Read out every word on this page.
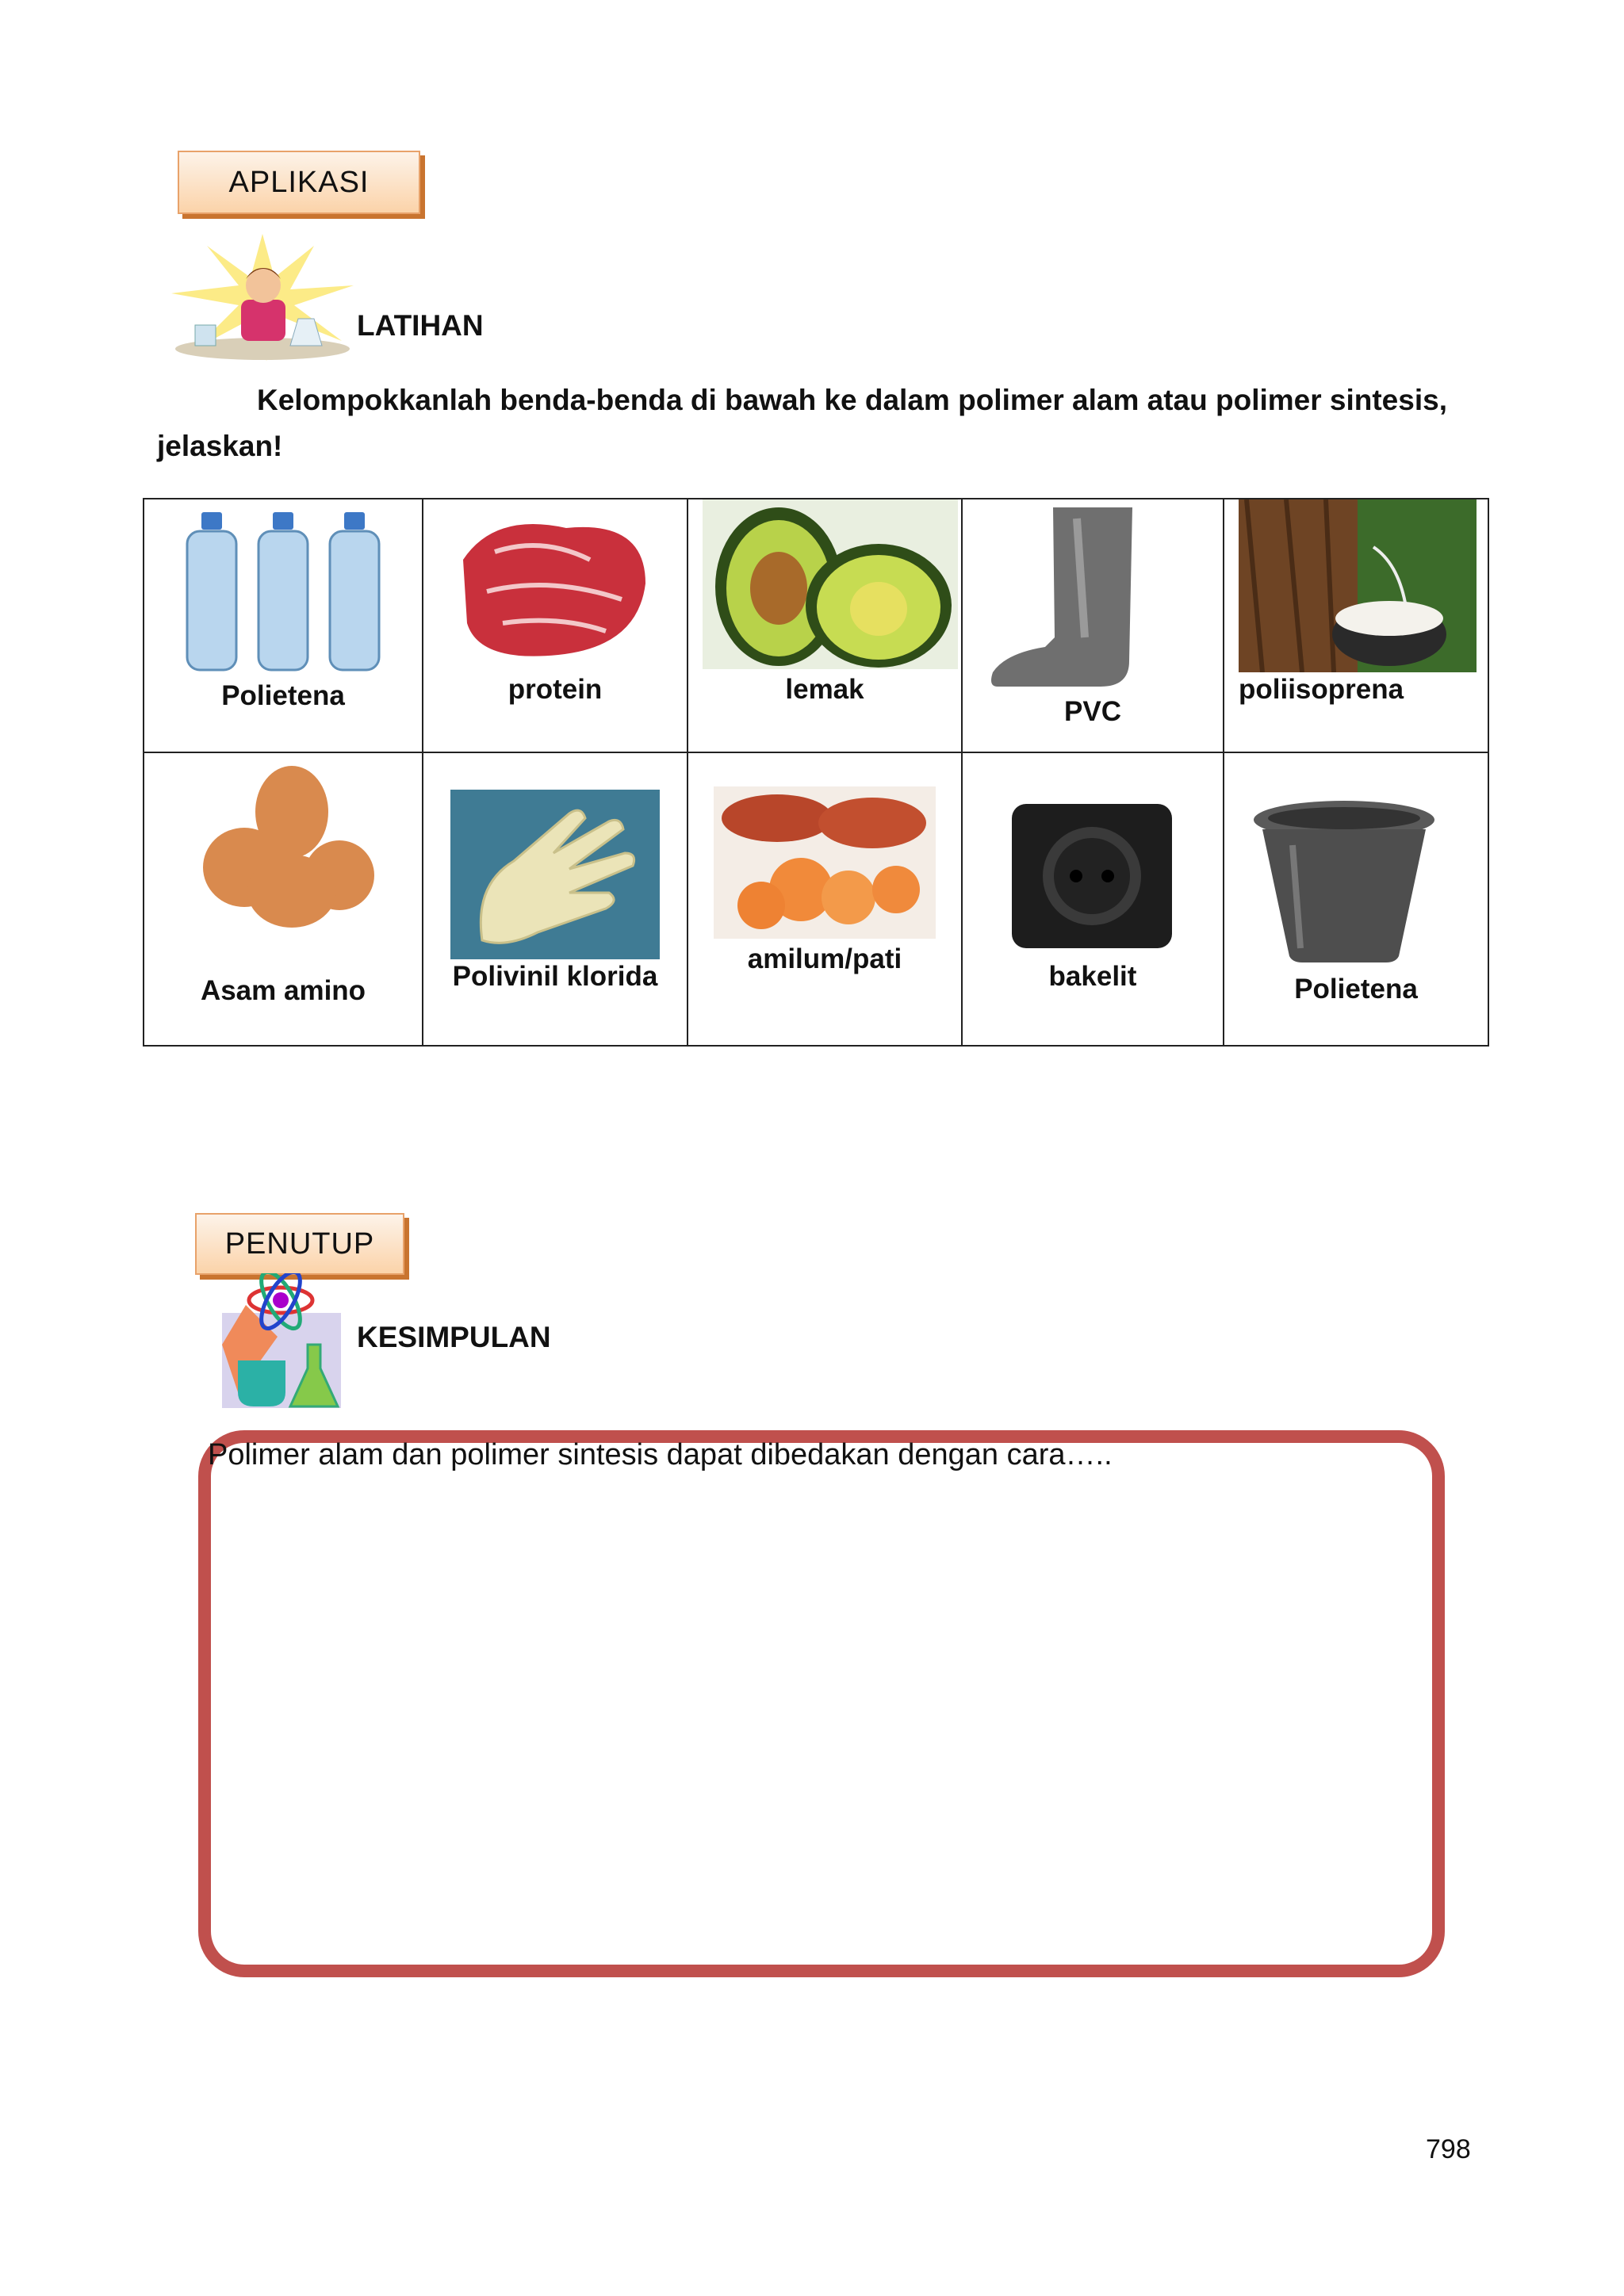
APLIKASI
LATIHAN
Kelompokkanlah benda-benda di bawah ke dalam polimer alam atau polimer sintesis, jelaskan!
Polietena	protein	lemak	PVC	poliisoprena

Asam amino	Polivinil klorida	amilum/pati	bakelit	Polietena
PENUTUP
KESIMPULAN
Polimer alam dan polimer sintesis dapat dibedakan dengan cara…..
798
